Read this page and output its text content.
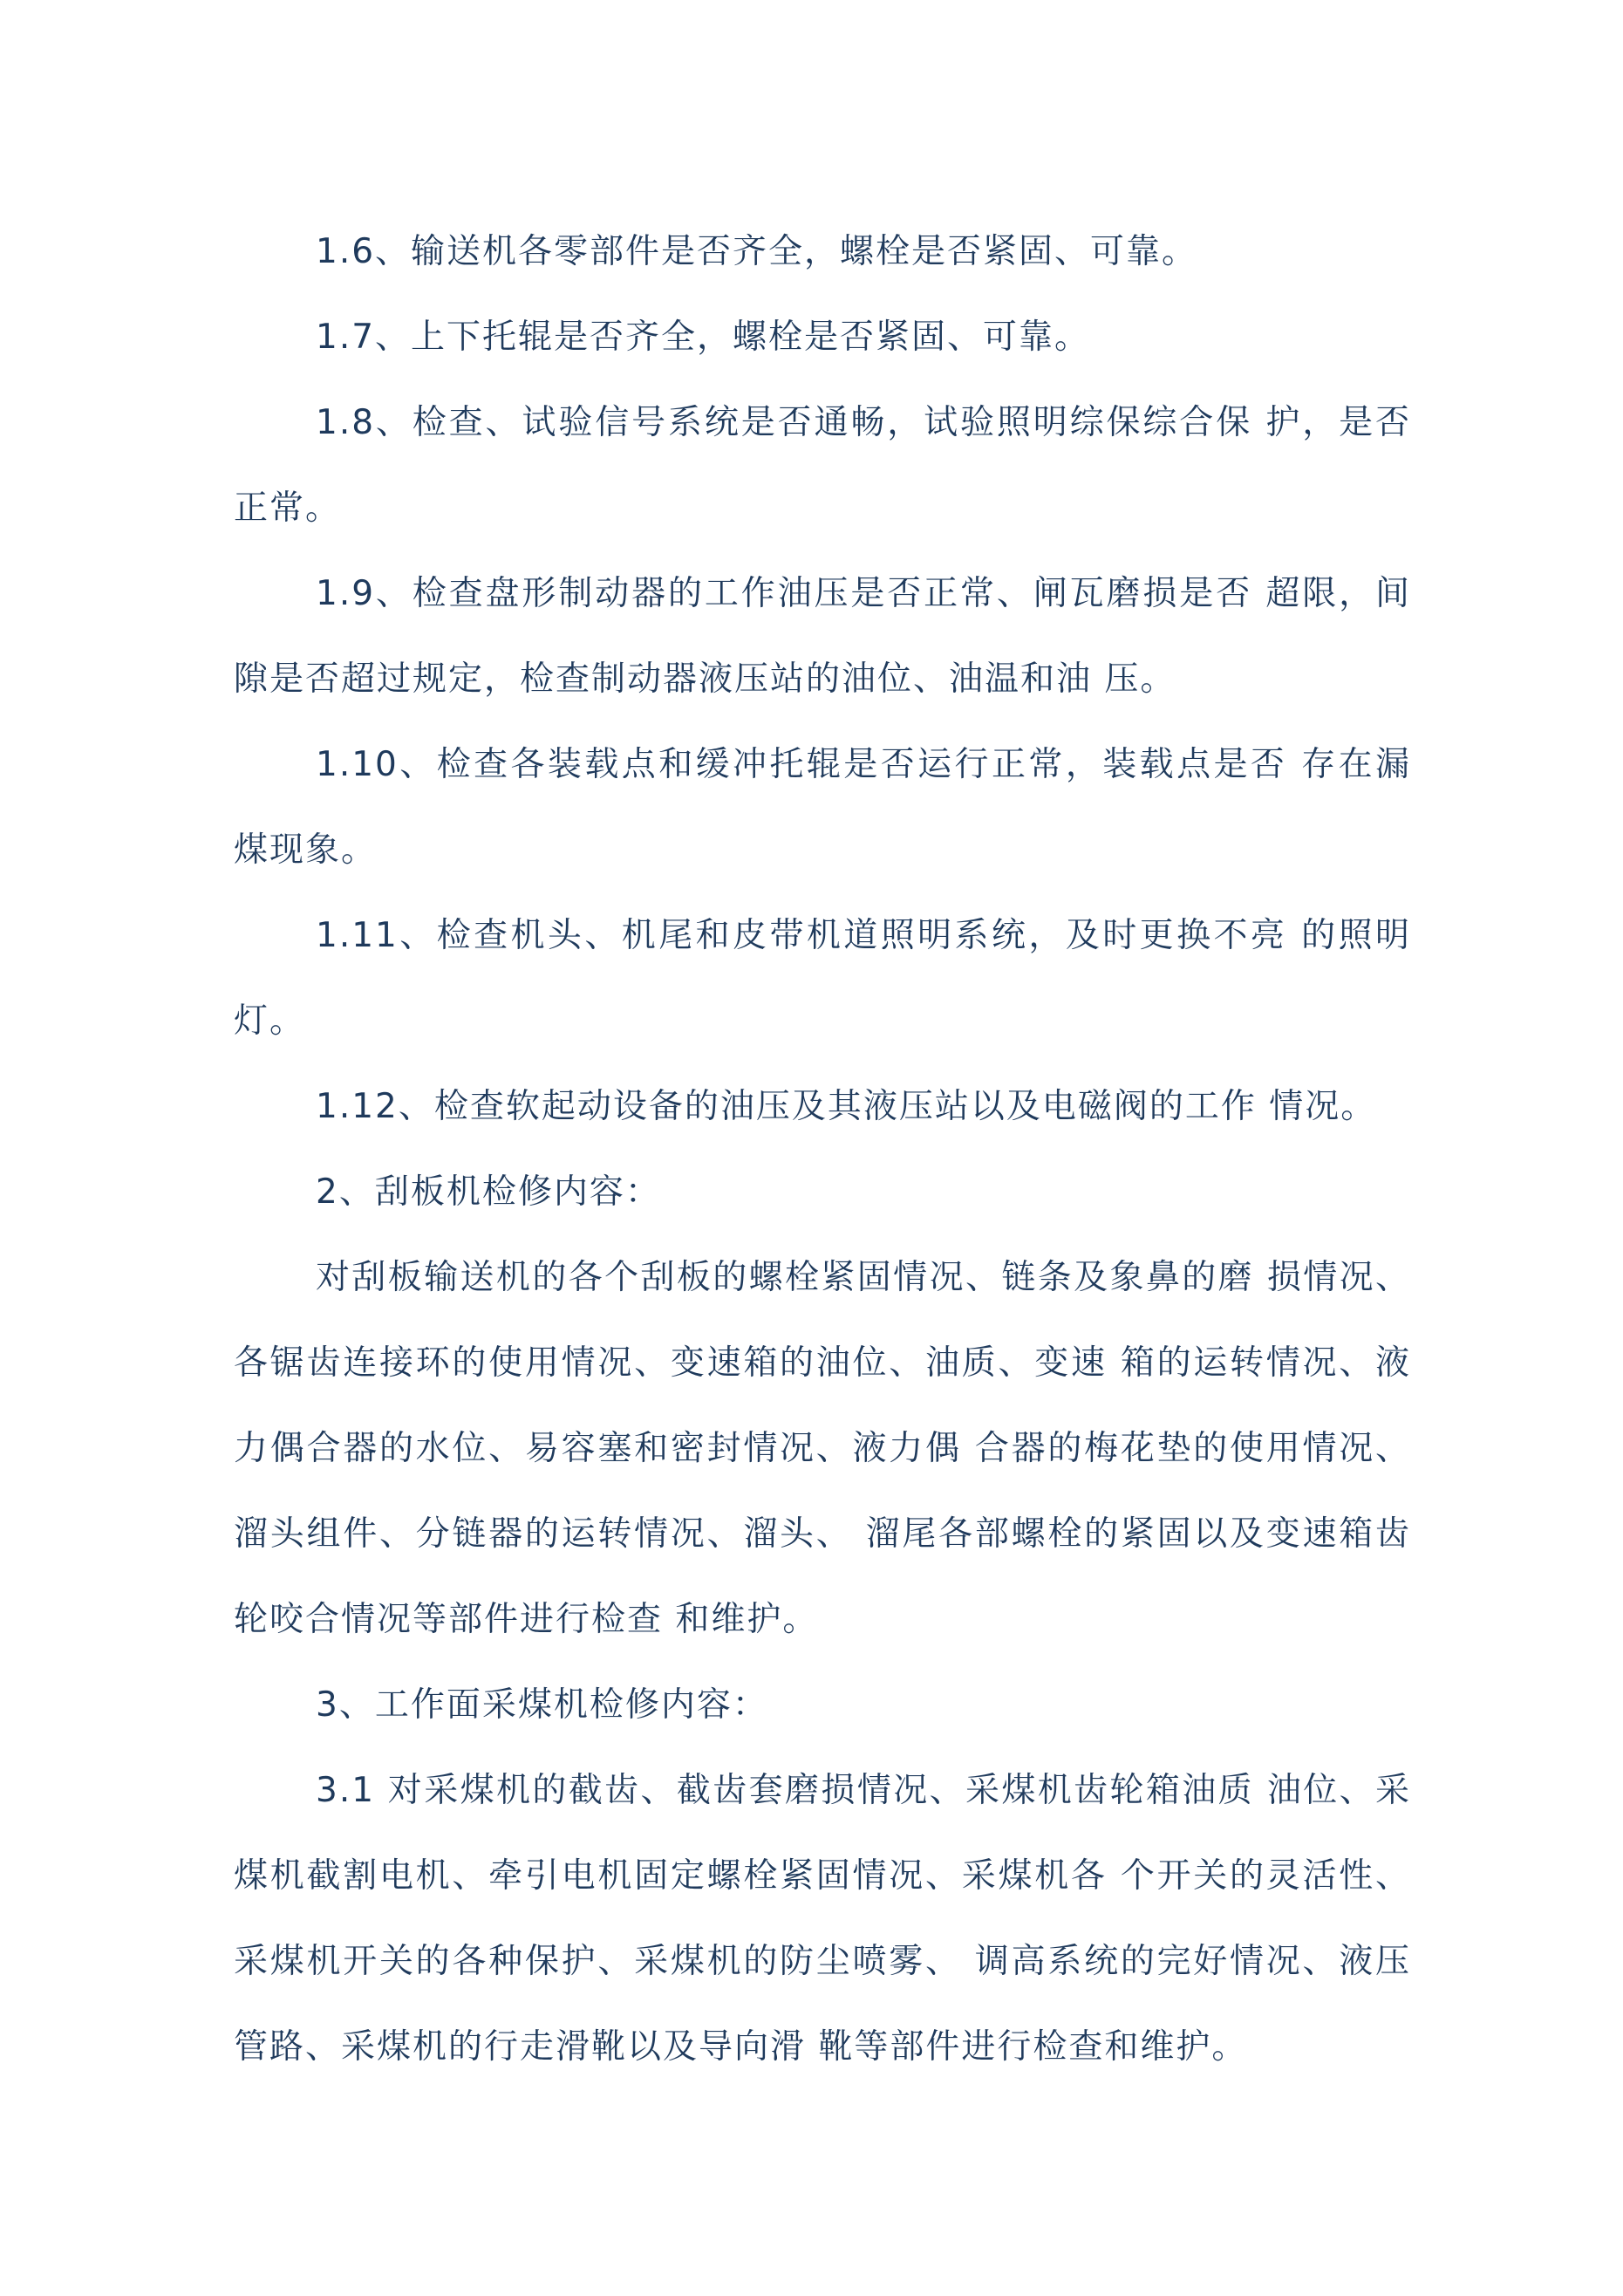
1.6、输送机各零部件是否齐全，螺栓是否紧固、可靠。

1.7、上下托辊是否齐全，螺栓是否紧固、可靠。

1.8、检查、试验信号系统是否通畅，试验照明综保综合保 护，是否正常。

1.9、检查盘形制动器的工作油压是否正常、闸瓦磨损是否 超限，间隙是否超过规定，检查制动器液压站的油位、油温和油 压。

1.10、检查各装载点和缓冲托辊是否运行正常，装载点是否 存在漏煤现象。

1.11、检查机头、机尾和皮带机道照明系统，及时更换不亮 的照明灯。

1.12、检查软起动设备的油压及其液压站以及电磁阀的工作 情况。

2、刮板机检修内容：

对刮板输送机的各个刮板的螺栓紧固情况、链条及象鼻的磨 损情况、各锯齿连接环的使用情况、变速箱的油位、油质、变速 箱的运转情况、液力偶合器的水位、易容塞和密封情况、液力偶 合器的梅花垫的使用情况、溜头组件、分链器的运转情况、溜头、 溜尾各部螺栓的紧固以及变速箱齿轮咬合情况等部件进行检查 和维护。

3、工作面采煤机检修内容：

3.1 对采煤机的截齿、截齿套磨损情况、采煤机齿轮箱油质 油位、采煤机截割电机、牵引电机固定螺栓紧固情况、采煤机各 个开关的灵活性、采煤机开关的各种保护、采煤机的防尘喷雾、 调高系统的完好情况、液压管路、采煤机的行走滑靴以及导向滑 靴等部件进行检查和维护。
